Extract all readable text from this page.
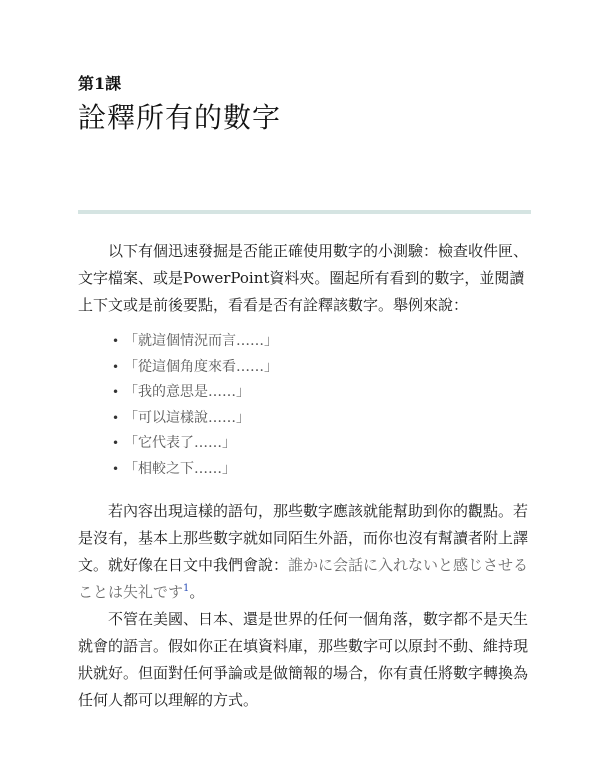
第1課
詮釋所有的數字

以下有個迅速發掘是否能正確使用數字的小測驗：檢查收件匣、文字檔案、或是PowerPoint資料夾。圈起所有看到的數字，並閱讀上下文或是前後要點，看看是否有詮釋該數字。舉例來說：

• 「就這個情況而言……」
• 「從這個角度來看……」
• 「我的意思是……」
• 「可以這樣說……」
• 「它代表了……」
• 「相較之下……」

若內容出現這樣的語句，那些數字應該就能幫助到你的觀點。若是沒有，基本上那些數字就如同陌生外語，而你也沒有幫讀者附上譯文。就好像在日文中我們會說：誰かに会話に入れないと感じさせることは失礼です$^1$。

不管在美國、日本、還是世界的任何一個角落，數字都不是天生就會的語言。假如你正在填資料庫，那些數字可以原封不動、維持現狀就好。但面對任何爭論或是做簡報的場合，你有責任將數字轉換為任何人都可以理解的方式。
